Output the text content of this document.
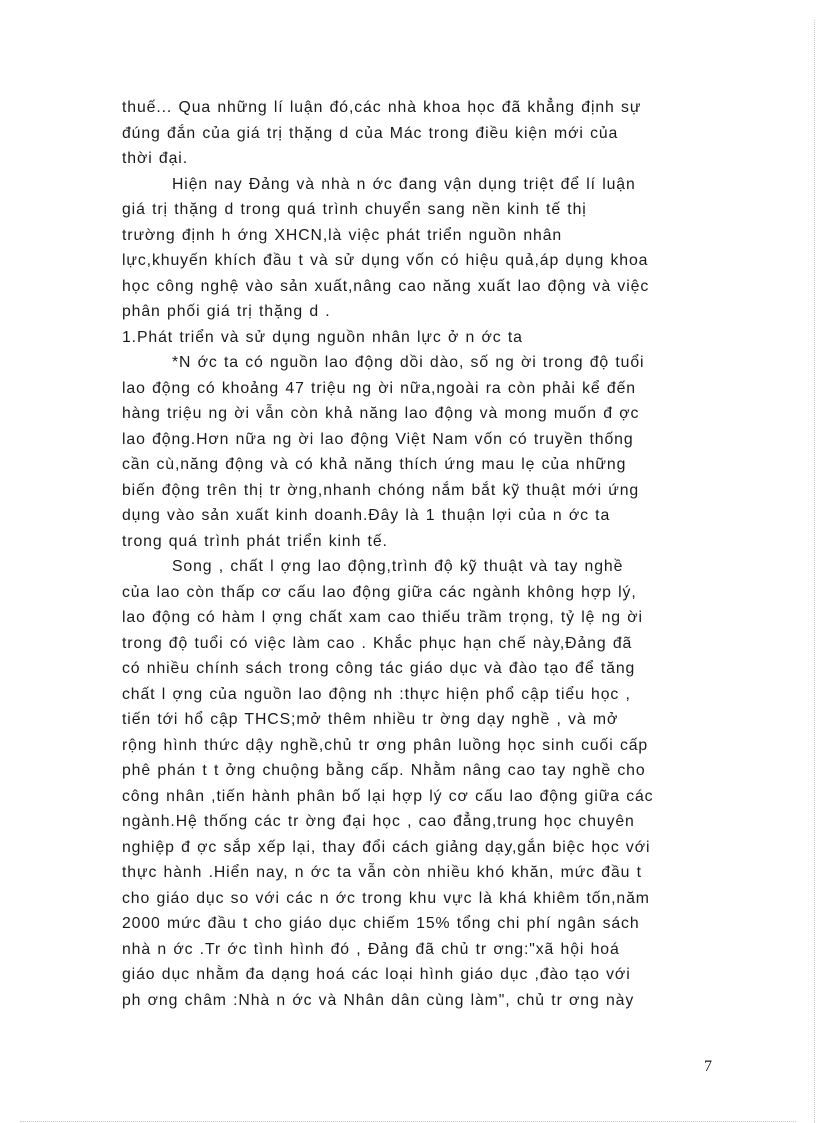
thuế... Qua những lí luận đó,các nhà khoa học đã khẳng định sự
đúng đắn của giá trị thặng d của Mác trong điều kiện mới của
thời đại.
Hiện nay Đảng và nhà n ớc đang vận dụng triệt để lí luận
giá trị thặng d trong quá trình chuyển sang nền kinh tế thị
trường định h ớng XHCN,là việc phát triển nguồn nhân
lực,khuyến khích đầu t và sử dụng vốn có hiệu quả,áp dụng khoa
học công nghệ vào sản xuất,nâng cao năng xuất lao động và việc
phân phối giá trị thặng d .
1.Phát triển và sử dụng nguồn nhân lực ở n ớc ta
*N ớc ta có nguồn lao động dồi dào, số ng ời trong độ tuổi
lao động có khoảng 47 triệu ng ời nữa,ngoài ra còn phải kể đến
hàng triệu ng ời vẫn còn khả năng lao động và mong muốn đ ợc
lao động.Hơn nữa ng ời lao động Việt Nam vốn có truyền thống
cần cù,năng động và có khả năng thích ứng mau lẹ của những
biến động trên thị tr ờng,nhanh chóng nắm bắt kỹ thuật mới ứng
dụng vào sản xuất kinh doanh.Đây là 1 thuận lợi của n ớc ta
trong quá trình phát triển kinh tế.
Song , chất l ợng lao động,trình độ kỹ thuật và tay nghề
của lao còn thấp cơ cấu lao động giữa các ngành không hợp lý,
lao động có hàm l ợng chất xam cao thiếu trầm trọng, tỷ lệ ng ời
trong độ tuổi có việc làm cao . Khắc phục hạn chế này,Đảng đã
có nhiều chính sách trong công tác giáo dục và đào tạo để tăng
chất l ợng của nguồn lao động nh :thực hiện phổ cập tiểu học ,
tiến tới hổ cập THCS;mở thêm nhiều tr ờng dạy nghề , và mở
rộng hình thức dậy nghề,chủ tr ơng phân luồng học sinh cuối cấp
phê phán t t ởng chuộng bằng cấp. Nhằm nâng cao tay nghề cho
công nhân ,tiến hành phân bố lại hợp lý cơ cấu lao động giữa các
ngành.Hệ thống các tr ờng đại học , cao đẳng,trung học chuyên
nghiệp đ ợc sắp xếp lại, thay đổi cách giảng dạy,gắn biệc học với
thực hành .Hiển nay, n ớc ta vẫn còn nhiều khó khăn, mức đầu t
cho giáo dục so với các n ớc trong khu vực là khá khiêm tốn,năm
2000 mức đầu t cho giáo dục chiếm 15% tổng chi phí ngân sách
nhà n ớc .Tr ớc tình hình đó , Đảng đã chủ tr ơng:"xã hội hoá
giáo dục nhằm đa dạng hoá các loại hình giáo dục ,đào tạo với
ph ơng châm :Nhà n ớc và Nhân dân cùng làm", chủ tr ơng này
7
